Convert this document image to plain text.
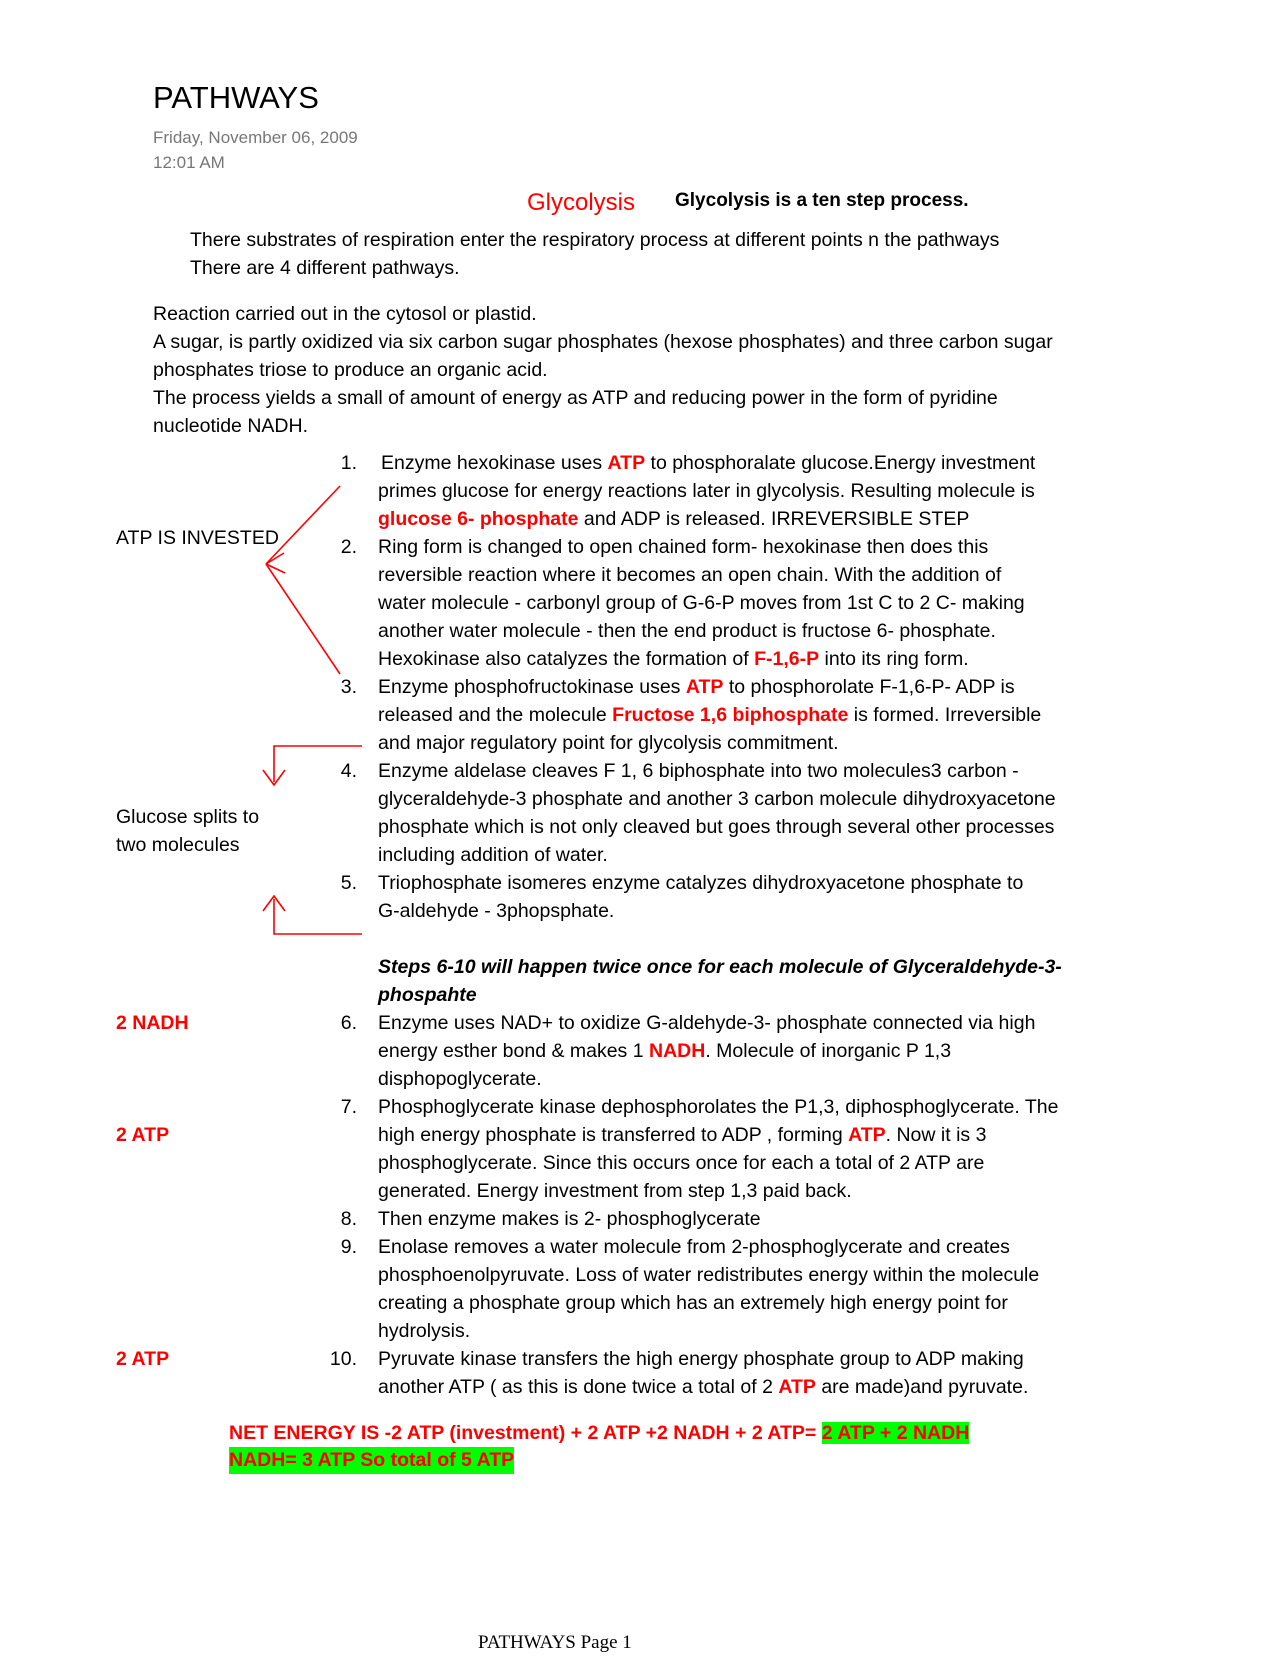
PATHWAYS
Friday, November 06, 2009
12:01 AM
Glycolysis Glycolysis is a ten step process.
There substrates of respiration enter the respiratory process at different points n the pathways
There are 4 different pathways.
Reaction carried out in the cytosol or plastid.
A sugar, is partly oxidized via six carbon sugar phosphates (hexose phosphates) and three carbon sugar
phosphates triose to produce an organic acid.
The process yields a small of amount of energy as ATP and reducing power in the form of pyridine
nucleotide NADH.
1. Enzyme hexokinase uses ATP to phosphoralate glucose.Energy investment
primes glucose for energy reactions later in glycolysis. Resulting molecule is
glucose 6- phosphate and ADP is released. IRREVERSIBLE STEP
2. Ring form is changed to open chained form- hexokinase then does this
reversible reaction where it becomes an open chain. With the addition of
water molecule - carbonyl group of G-6-P moves from 1st C to 2 C- making
another water molecule - then the end product is fructose 6- phosphate.
Hexokinase also catalyzes the formation of F-1,6-P into its ring form.
3. Enzyme phosphofructokinase uses ATP to phosphorolate F-1,6-P- ADP is
released and the molecule Fructose 1,6 biphosphate is formed. Irreversible
and major regulatory point for glycolysis commitment.
4. Enzyme aldelase cleaves F 1, 6 biphosphate into two molecules3 carbon -
glyceraldehyde-3 phosphate and another 3 carbon molecule dihydroxyacetone
phosphate which is not only cleaved but goes through several other processes
including addition of water.
5. Triophosphate isomeres enzyme catalyzes dihydroxyacetone phosphate to
G-aldehyde - 3phopsphate.
Steps 6-10 will happen twice once for each molecule of Glyceraldehyde-3-
phospahte
6. Enzyme uses NAD+ to oxidize G-aldehyde-3- phosphate connected via high
energy esther bond & makes 1 NADH. Molecule of inorganic P 1,3
disphopoglycerate.
7. Phosphoglycerate kinase dephosphorolates the P1,3, diphosphoglycerate. The
high energy phosphate is transferred to ADP , forming ATP. Now it is 3
phosphoglycerate. Since this occurs once for each a total of 2 ATP are
generated. Energy investment from step 1,3 paid back.
8. Then enzyme makes is 2- phosphoglycerate
9. Enolase removes a water molecule from 2-phosphoglycerate and creates
phosphoenolpyruvate. Loss of water redistributes energy within the molecule
creating a phosphate group which has an extremely high energy point for
hydrolysis.
10. Pyruvate kinase transfers the high energy phosphate group to ADP making
another ATP ( as this is done twice a total of 2 ATP are made)and pyruvate.
ATP IS INVESTED
Glucose splits to
two molecules
2 NADH
2 ATP
2 ATP
NET ENERGY IS -2 ATP (investment) + 2 ATP +2 NADH + 2 ATP= 2 ATP + 2 NADH
NADH= 3 ATP So total of 5 ATP
PATHWAYS Page 1
